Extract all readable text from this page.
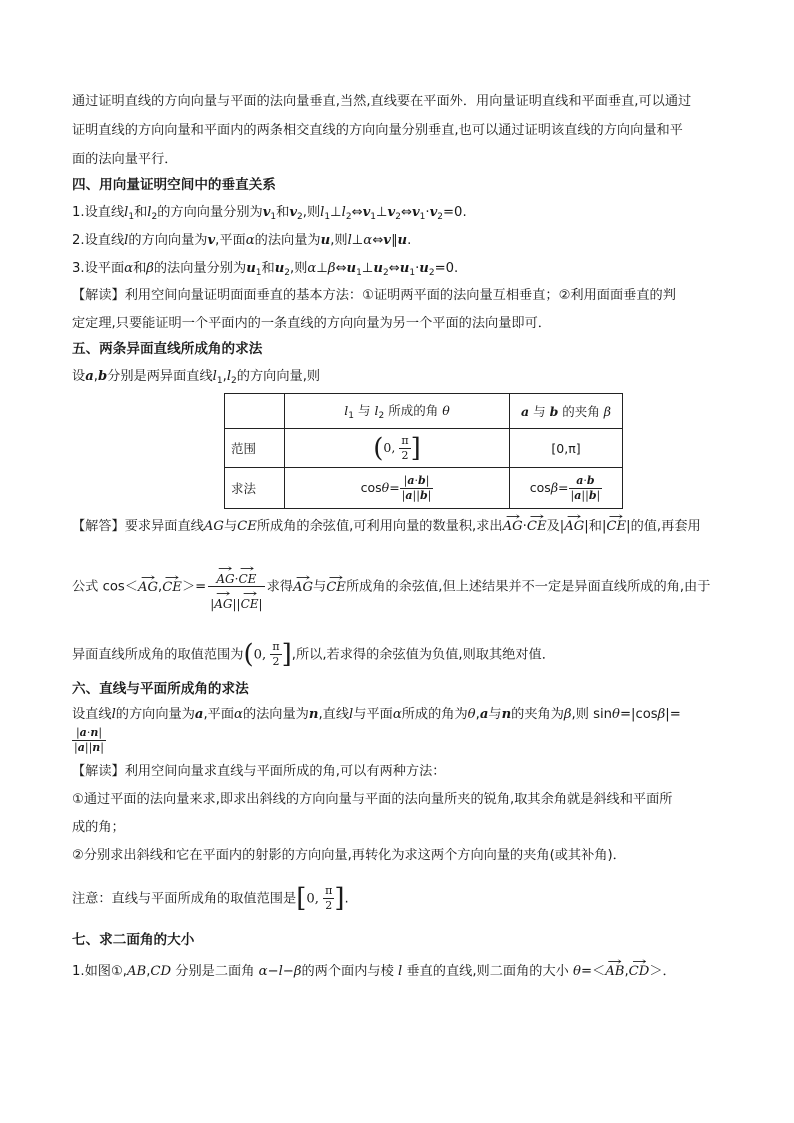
通过证明直线的方向向量与平面的法向量垂直,当然,直线要在平面外．用向量证明直线和平面垂直,可以通过
证明直线的方向向量和平面内的两条相交直线的方向向量分别垂直,也可以通过证明该直线的方向向量和平
面的法向量平行．
四、用向量证明空间中的垂直关系
1.设直线$l_1$和$l_2$的方向向量分别为$v_1$和$v_2$,则$l_1\perp l_2\Leftrightarrow v_1\perp v_2\Leftrightarrow v_1\cdot v_2=0$.
2.设直线l的方向向量为v,平面α的法向量为u,则l⊥α⇔v∥u.
3.设平面α和β的法向量分别为$u_1$和$u_2$,则$\alpha\perp\beta\Leftrightarrow u_1\perp u_2\Leftrightarrow u_1\cdot u_2=0$.
【解读】利用空间向量证明面面垂直的基本方法：①证明两平面的法向量互相垂直；②利用面面垂直的判
定定理,只要能证明一个平面内的一条直线的方向向量为另一个平面的法向量即可．
五、两条异面直线所成角的求法
设a,b分别是两异面直线$l_1,l_2$的方向向量,则
	$l_1$ 与 $l_2$ 所成的角 θ	a 与 b 的夹角 β
范围	(0, $\frac{\pi}{2}$ ]	[0,π]
求法	$\cos\theta= \frac{|a\cdot b|}{|a||b|}$	$\cos\beta= \frac{a\cdot b}{|a||b|}$
【解答】要求异面直线AG与CE所成角的余弦值,可利用向量的数量积,求出→ AG·→ CE及|→ AG|和|→ CE|的值,再套用
公式 $\cos<\to AG,\to CE>= \to \frac{AG\cdot\to CE}{|\to AG||\to CE|}$ 求得→ AG与→ CE所成角的余弦值,但上述结果并不一定是异面直线所成的角,由于
异面直线所成角的取值范围为(0, $\frac{\pi}{2}$ ],所以,若求得的余弦值为负值,则取其绝对值．
六、直线与平面所成角的求法
设直线l的方向向量为a,平面α的法向量为n,直线l与平面α所成的角为θ,a与n的夹角为β,则 sinθ=|cosβ|=
$\frac{|a\cdot n|}{|a||n|}$
【解读】利用空间向量求直线与平面所成的角,可以有两种方法：
①通过平面的法向量来求,即求出斜线的方向向量与平面的法向量所夹的锐角,取其余角就是斜线和平面所
成的角；
②分别求出斜线和它在平面内的射影的方向向量,再转化为求这两个方向向量的夹角(或其补角)．
注意：直线与平面所成角的取值范围是[0, $\frac{\pi}{2}$ ].
七、求二面角的大小
1.如图①,AB,CD 分别是二面角 α−l−β的两个面内与棱 l 垂直的直线,则二面角的大小 θ=＜→ AB,→ CD＞．
